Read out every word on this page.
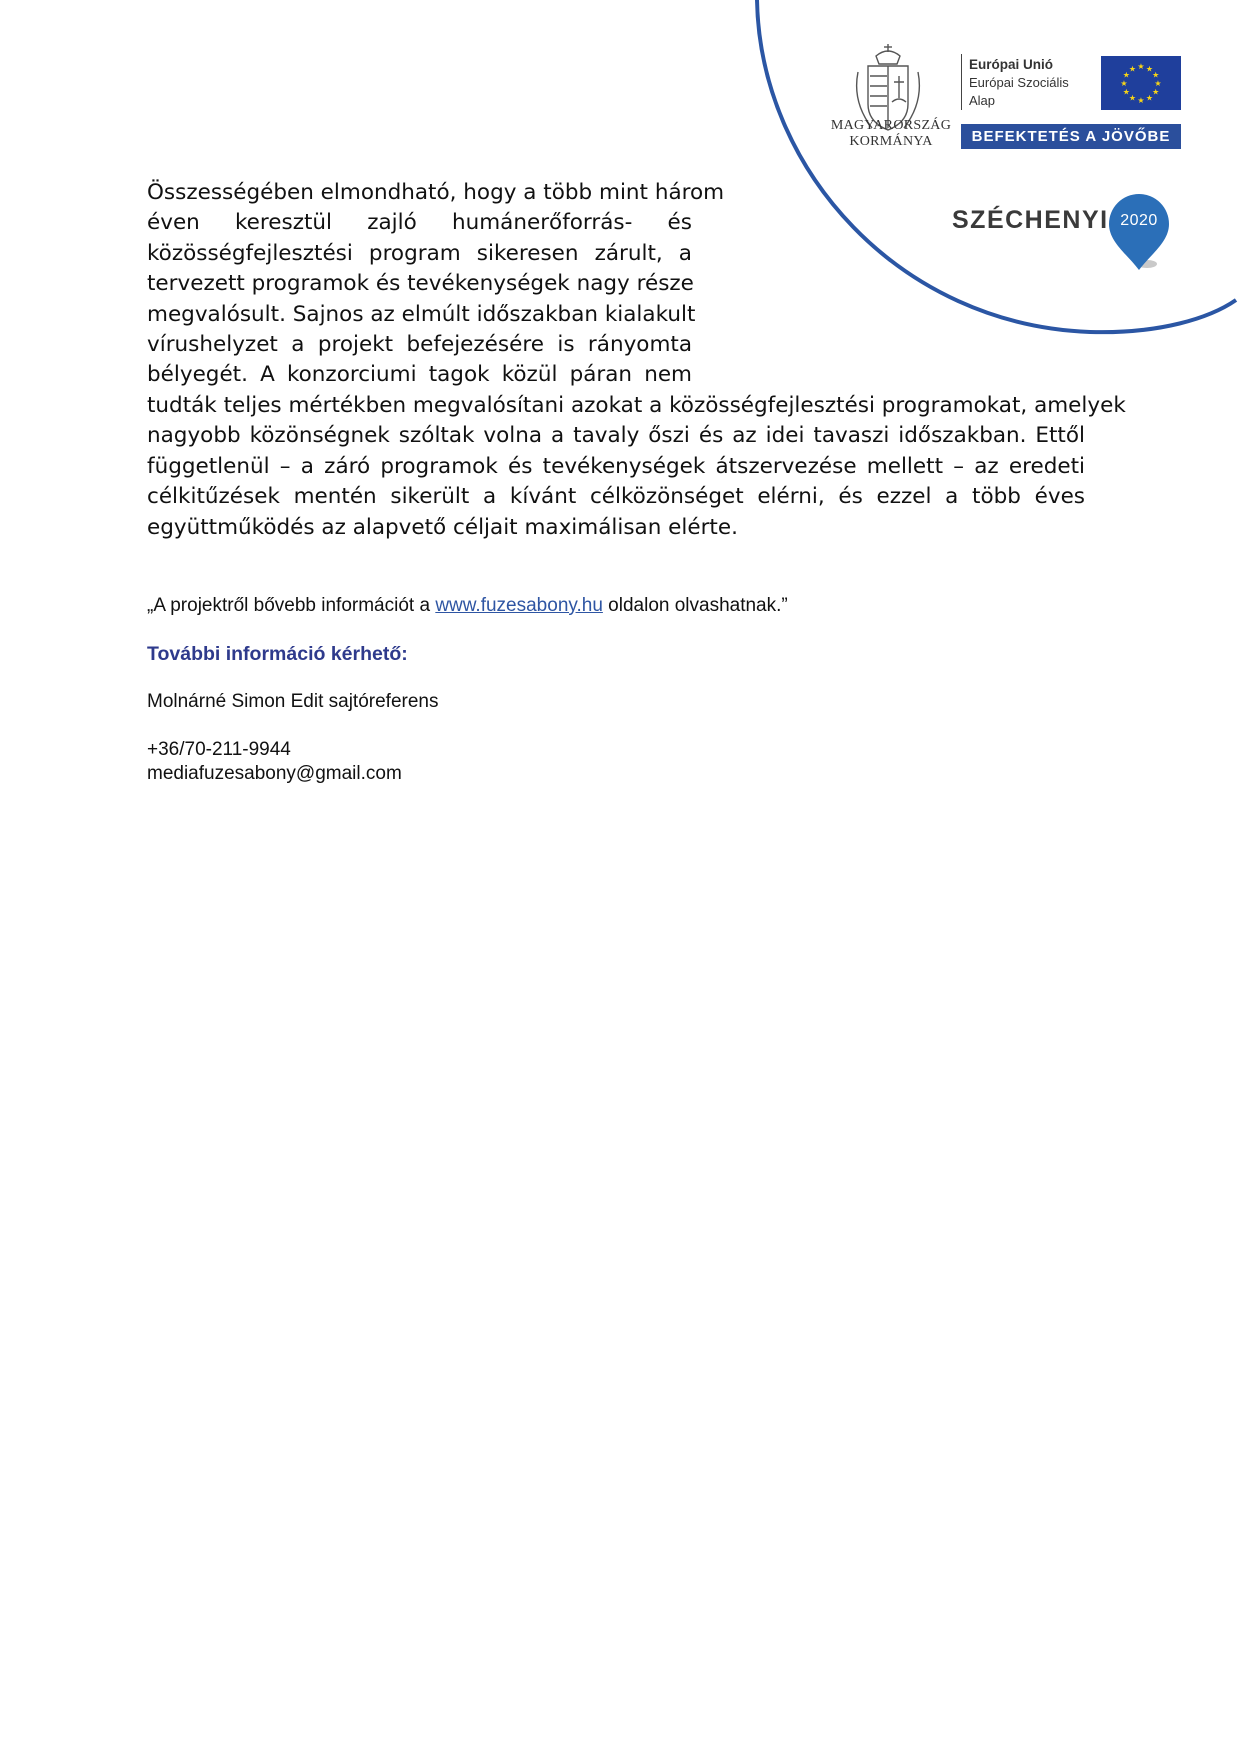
MAGYARORSZÁG
KORMÁNYA
Európai Unió
Európai Szociális
Alap
★
★
★
★
★
★
★
★
★ ★ ★
★
BEFEKTETÉS A JÖVŐBE
SZÉCHENYI 2020
Összességében elmondható, hogy a több mint három
éven keresztül zajló humánerőforrás- és
közösségfejlesztési program sikeresen zárult, a
tervezett programok és tevékenységek nagy része
megvalósult. Sajnos az elmúlt időszakban kialakult
vírushelyzet a projekt befejezésére is rányomta
bélyegét. A konzorciumi tagok közül páran nem
tudták teljes mértékben megvalósítani azokat a közösségfejlesztési programokat, amelyek
nagyobb közönségnek szóltak volna a tavaly őszi és az idei tavaszi időszakban. Ettől
függetlenül – a záró programok és tevékenységek átszervezése mellett – az eredeti
célkitűzések mentén sikerült a kívánt célközönséget elérni, és ezzel a több éves
együttműködés az alapvető céljait maximálisan elérte.
„A projektről bővebb információt a www.fuzesabony.hu oldalon olvashatnak.”
További információ kérhető:
Molnárné Simon Edit sajtóreferens
+36/70-211-9944
mediafuzesabony@gmail.com
